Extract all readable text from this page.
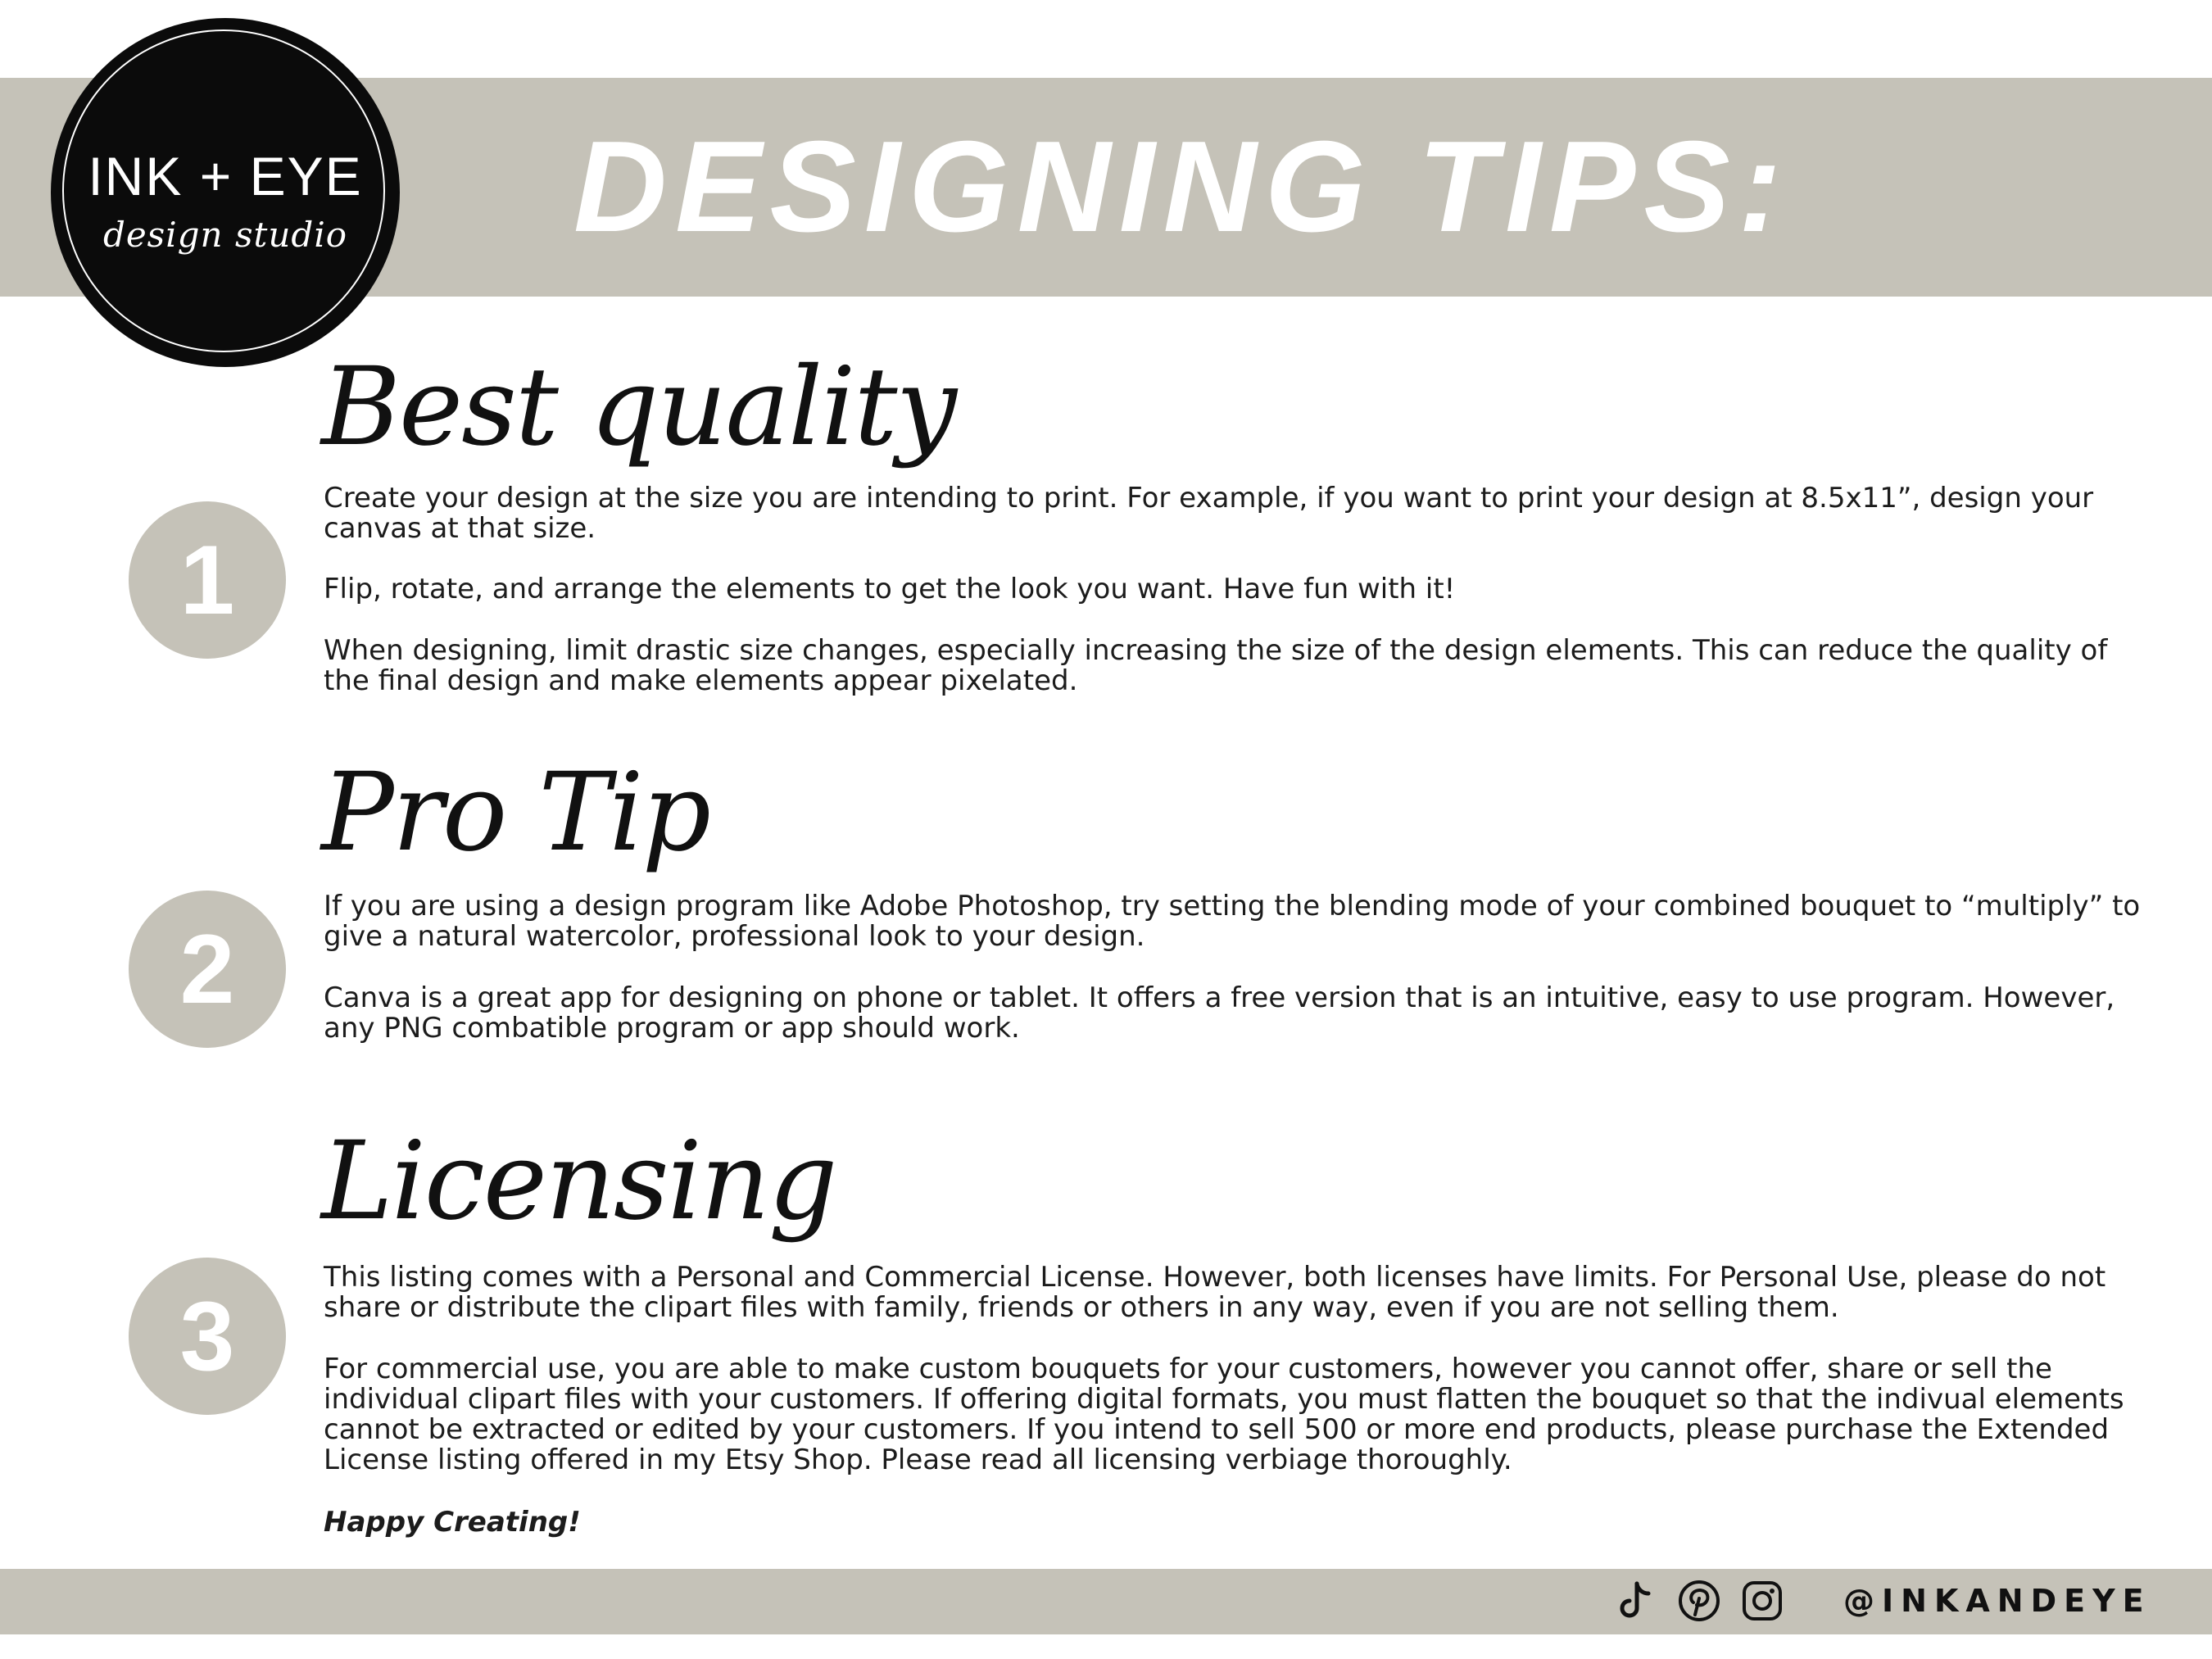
DESIGNING TIPS:
INK + EYE
design studio
1
Best quality

Create your design at the size you are intending to print. For example, if you want to print your design at 8.5x11”, design your canvas at that size.

Flip, rotate, and arrange the elements to get the look you want. Have fun with it!

When designing, limit drastic size changes, especially increasing the size of the design elements. This can reduce the quality of the final design and make elements appear pixelated.

2
Pro Tip

If you are using a design program like Adobe Photoshop, try setting the blending mode of your combined bouquet to “multiply” to give a natural watercolor, professional look to your design.

Canva is a great app for designing on phone or tablet. It offers a free version that is an intuitive, easy to use program. However, any PNG combatible program or app should work.

3
Licensing

This listing comes with a Personal and Commercial License. However, both licenses have limits. For Personal Use, please do not share or distribute the clipart files with family, friends or others in any way, even if you are not selling them.

For commercial use, you are able to make custom bouquets for your customers, however you cannot offer, share or sell the individual clipart files with your customers. If offering digital formats, you must flatten the bouquet so that the indivual elements cannot be extracted or edited by your customers. If you intend to sell 500 or more end products, please purchase the Extended License listing offered in my Etsy Shop. Please read all licensing verbiage thoroughly.

Happy Creating!

@INKANDEYE
